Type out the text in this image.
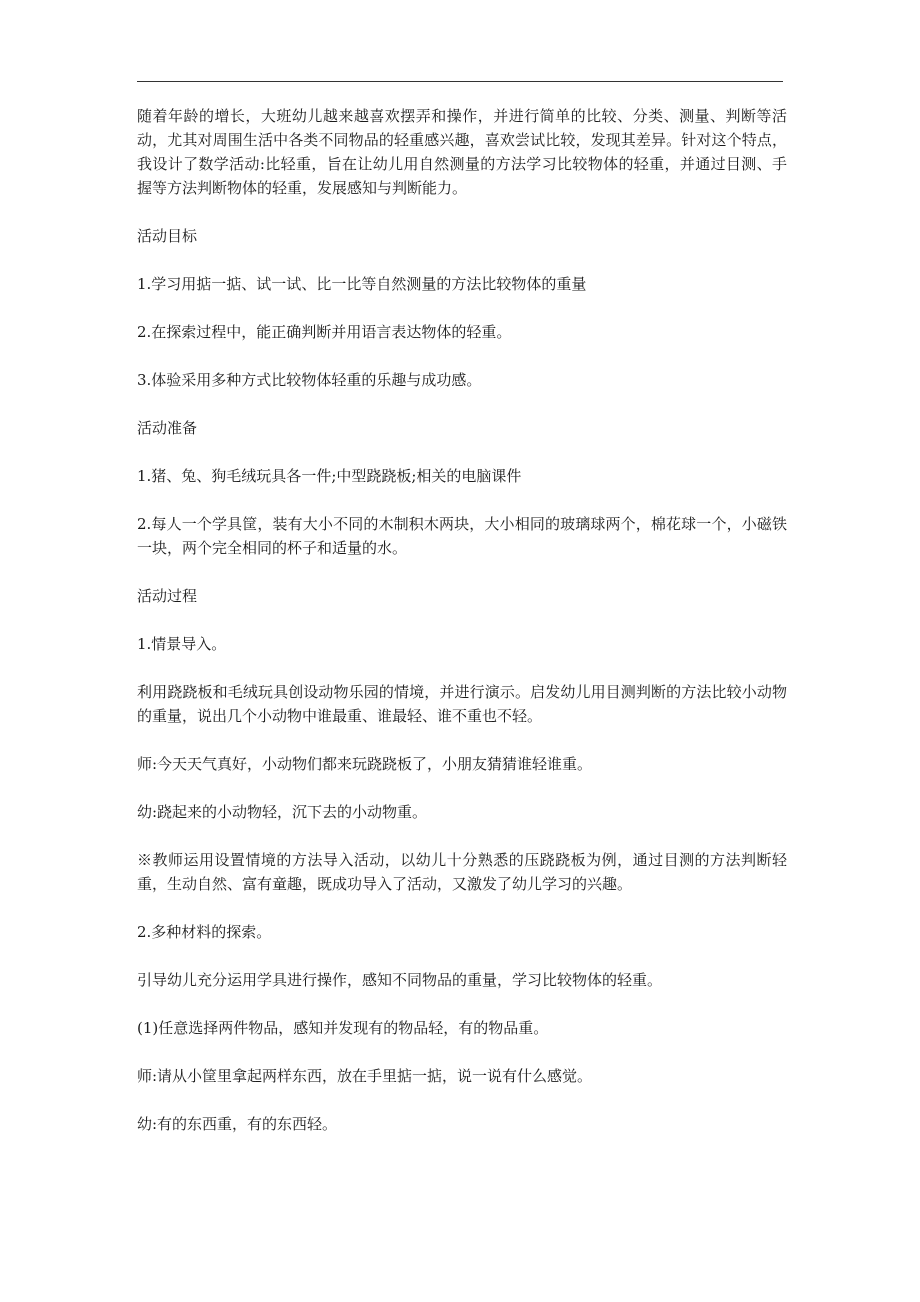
随着年龄的增长，大班幼儿越来越喜欢摆弄和操作，并进行简单的比较、分类、测量、判断等活动，尤其对周围生活中各类不同物品的轻重感兴趣，喜欢尝试比较，发现其差异。针对这个特点，我设计了数学活动:比轻重，旨在让幼儿用自然测量的方法学习比较物体的轻重，并通过目测、手握等方法判断物体的轻重，发展感知与判断能力。

活动目标

1.学习用掂一掂、试一试、比一比等自然测量的方法比较物体的重量

2.在探索过程中，能正确判断并用语言表达物体的轻重。

3.体验采用多种方式比较物体轻重的乐趣与成功感。

活动准备

1.猪、兔、狗毛绒玩具各一件;中型跷跷板;相关的电脑课件

2.每人一个学具筐，装有大小不同的木制积木两块，大小相同的玻璃球两个，棉花球一个，小磁铁一块，两个完全相同的杯子和适量的水。

活动过程

1.情景导入。

利用跷跷板和毛绒玩具创设动物乐园的情境，并进行演示。启发幼儿用目测判断的方法比较小动物的重量，说出几个小动物中谁最重、谁最轻、谁不重也不轻。

师:今天天气真好，小动物们都来玩跷跷板了，小朋友猜猜谁轻谁重。

幼:跷起来的小动物轻，沉下去的小动物重。

※教师运用设置情境的方法导入活动，以幼儿十分熟悉的压跷跷板为例，通过目测的方法判断轻重，生动自然、富有童趣，既成功导入了活动，又激发了幼儿学习的兴趣。

2.多种材料的探索。

引导幼儿充分运用学具进行操作，感知不同物品的重量，学习比较物体的轻重。

(1)任意选择两件物品，感知并发现有的物品轻，有的物品重。

师:请从小筐里拿起两样东西，放在手里掂一掂，说一说有什么感觉。

幼:有的东西重，有的东西轻。
